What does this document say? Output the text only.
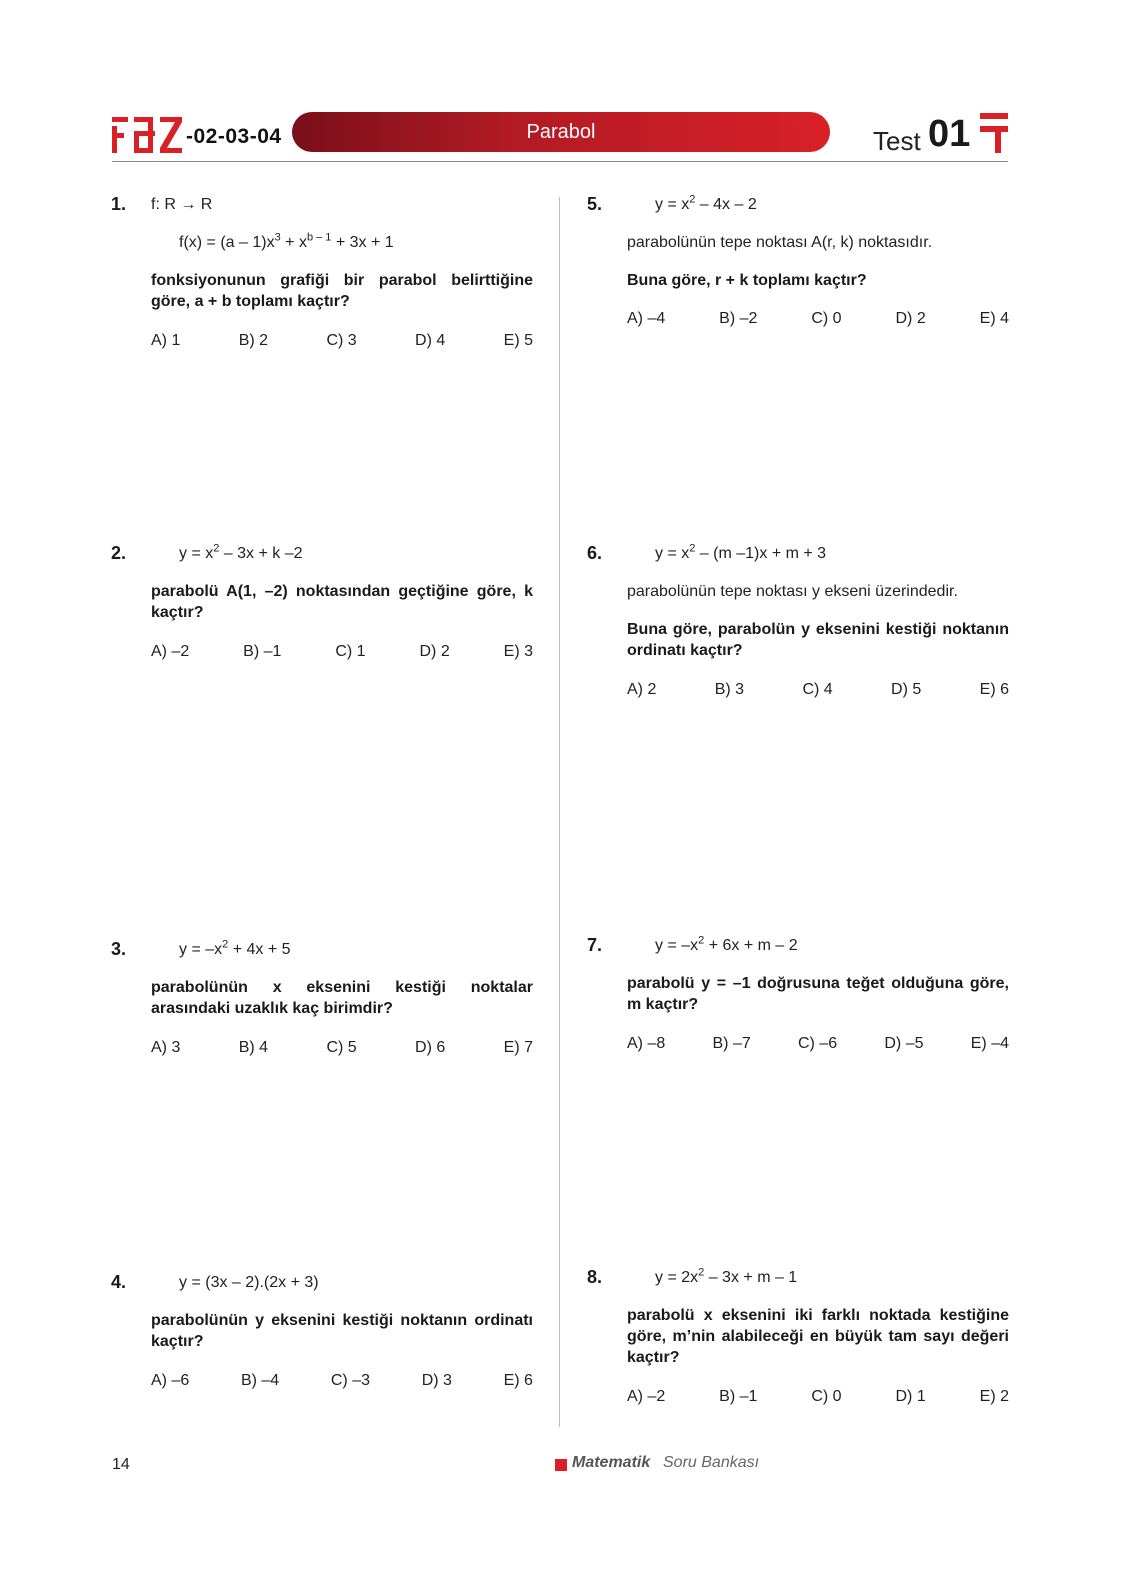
-02-03-04	Parabol	Test 01
1. f: R → R
$f(x) = (a - 1)x^3 + x^{b - 1} + 3x + 1$
fonksiyonunun grafiği bir parabol belirttiğine göre, a + b toplamı kaçtır?
A) 1	B) 2	C) 3	D) 4	E) 5
2.	$y = x^2 - 3x + k$ –2
parabolü A(1, –2) noktasından geçtiğine göre, k kaçtır?
A) –2	B) –1	C) 1	D) 2	E) 3
3.	$y = -x^2 + 4x + 5$
parabolünün x eksenini kestiği noktalar arasındaki uzaklık kaç birimdir?
A) 3	B) 4	C) 5	D) 6	E) 7
4.	y = (3x – 2).(2x + 3)
parabolünün y eksenini kestiği noktanın ordinatı kaçtır?
A) –6	B) –4	C) –3	D) 3	E) 6
5.	$y = x^2 - 4x - 2$
parabolünün tepe noktası A(r, k) noktasıdır.
Buna göre, r + k toplamı kaçtır?
A) –4	B) –2	C) 0	D) 2	E) 4
6.	$y = x^2 - (m$ –1)x + m + 3
parabolünün tepe noktası y ekseni üzerindedir.
Buna göre, parabolün y eksenini kestiği noktanın ordinatı kaçtır?
A) 2	B) 3	C) 4	D) 5	E) 6
7.	$y = -x^2 + 6x + m - 2$
parabolü y = –1 doğrusuna teğet olduğuna göre, m kaçtır?
A) –8	B) –7	C) –6	D) –5	E) –4
8.	$y = 2x^2 - 3x + m - 1$
parabolü x eksenini iki farklı noktada kestiğine göre, m’nin alabileceği en büyük tam sayı değeri kaçtır?
A) –2	B) –1	C) 0	D) 1	E) 2
14	Matematik Soru Bankası
